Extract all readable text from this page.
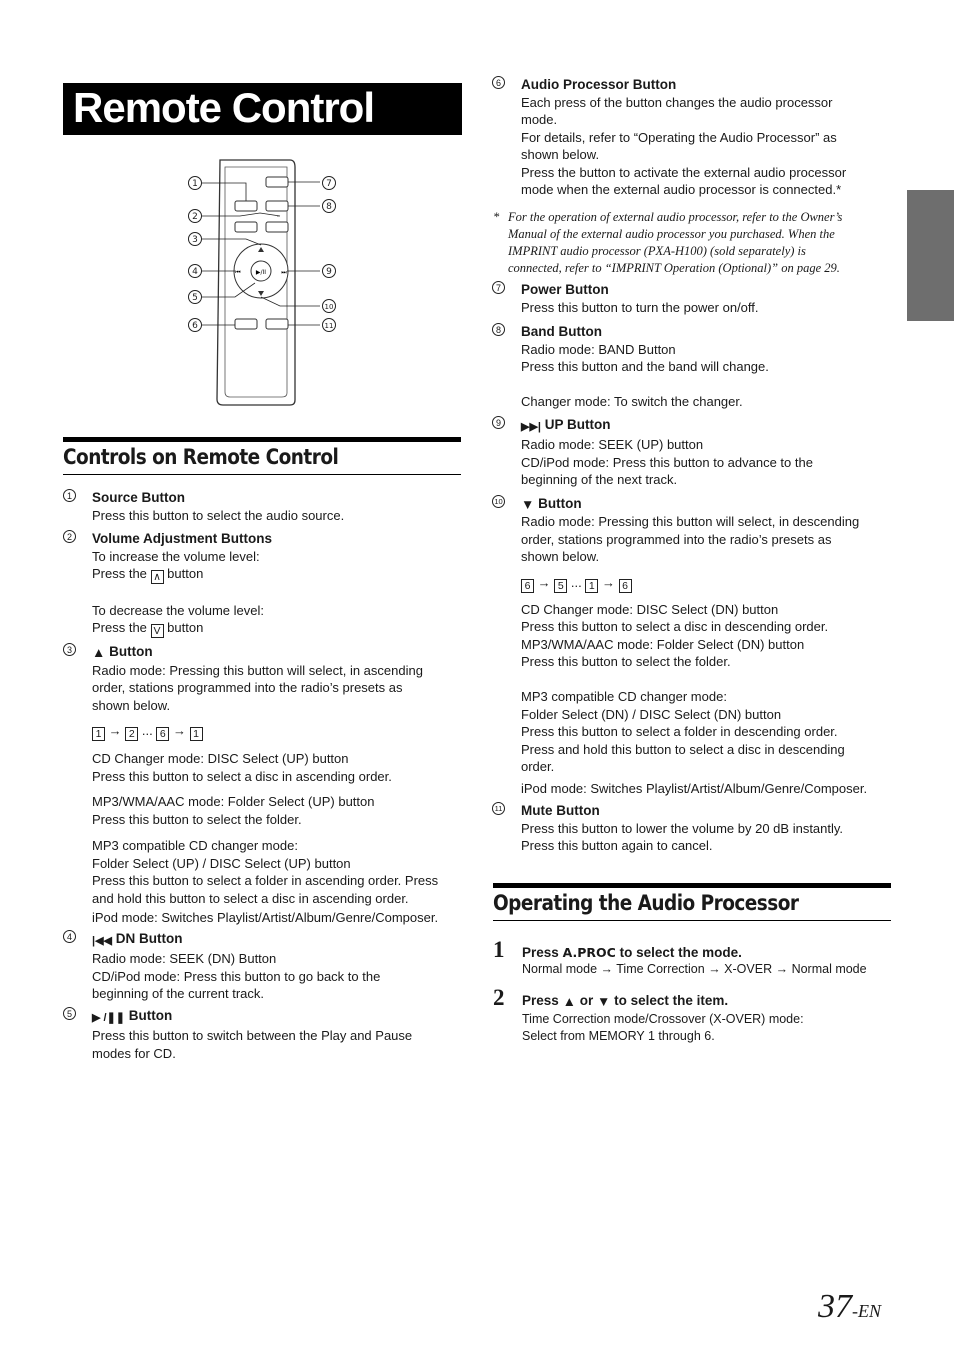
Remote Control
▶/II
⏮	⏭
1
2
3
4
5
6
7
8
9
10
11
Controls on Remote Control
1 Source Button
Press this button to select the audio source.
2 Volume Adjustment Buttons
To increase the volume level:
Press the ∧ button
To decrease the volume level:
Press the V button
3 ▲ Button
Radio mode: Pressing this button will select, in ascending
order, stations programmed into the radio’s presets as
shown below.
1 → 2 ... 6 → 1
CD Changer mode: DISC Select (UP) button
Press this button to select a disc in ascending order.
MP3/WMA/AAC mode: Folder Select (UP) button
Press this button to select the folder.
MP3 compatible CD changer mode:
Folder Select (UP) / DISC Select (UP) button
Press this button to select a folder in ascending order. Press
and hold this button to select a disc in ascending order.
iPod mode: Switches Playlist/Artist/Album/Genre/Composer.
4	|◀◀ DN Button
Radio mode: SEEK (DN) Button
CD/iPod mode: Press this button to go back to the
beginning of the current track.
5	▶ /❚❚ Button
Press this button to switch between the Play and Pause
modes for CD.
6 Audio Processor Button
Each press of the button changes the audio processor
mode.
For details, refer to “Operating the Audio Processor” as
shown below.
Press the button to activate the external audio processor
mode when the external audio processor is connected.*
* For the operation of external audio processor, refer to the Owner’s
Manual of the external audio processor you purchased. When the
IMPRINT audio processor (PXA-H100) (sold separately) is
connected, refer to “IMPRINT Operation (Optional)” on page 29.
7 Power Button
Press this button to turn the power on/off.
8 Band Button
Radio mode: BAND Button
Press this button and the band will change.
Changer mode: To switch the changer.
9	▶▶| UP Button
Radio mode: SEEK (UP) button
CD/iPod mode: Press this button to advance to the
beginning of the next track.
10 ▼ Button
Radio mode: Pressing this button will select, in descending
order, stations programmed into the radio’s presets as
shown below.
6 → 5 ... 1 → 6
CD Changer mode: DISC Select (DN) button
Press this button to select a disc in descending order.
MP3/WMA/AAC mode: Folder Select (DN) button
Press this button to select the folder.
MP3 compatible CD changer mode:
Folder Select (DN) / DISC Select (DN) button
Press this button to select a folder in descending order.
Press and hold this button to select a disc in descending
order.
iPod mode: Switches Playlist/Artist/Album/Genre/Composer.
11 Mute Button
Press this button to lower the volume by 20 dB instantly.
Press this button again to cancel.
Operating the Audio Processor
1 Press A.PROC to select the mode.
Normal mode → Time Correction → X-OVER → Normal mode
2 Press ▲ or ▼ to select the item.
Time Correction mode/Crossover (X-OVER) mode:
Select from MEMORY 1 through 6.
37-EN
